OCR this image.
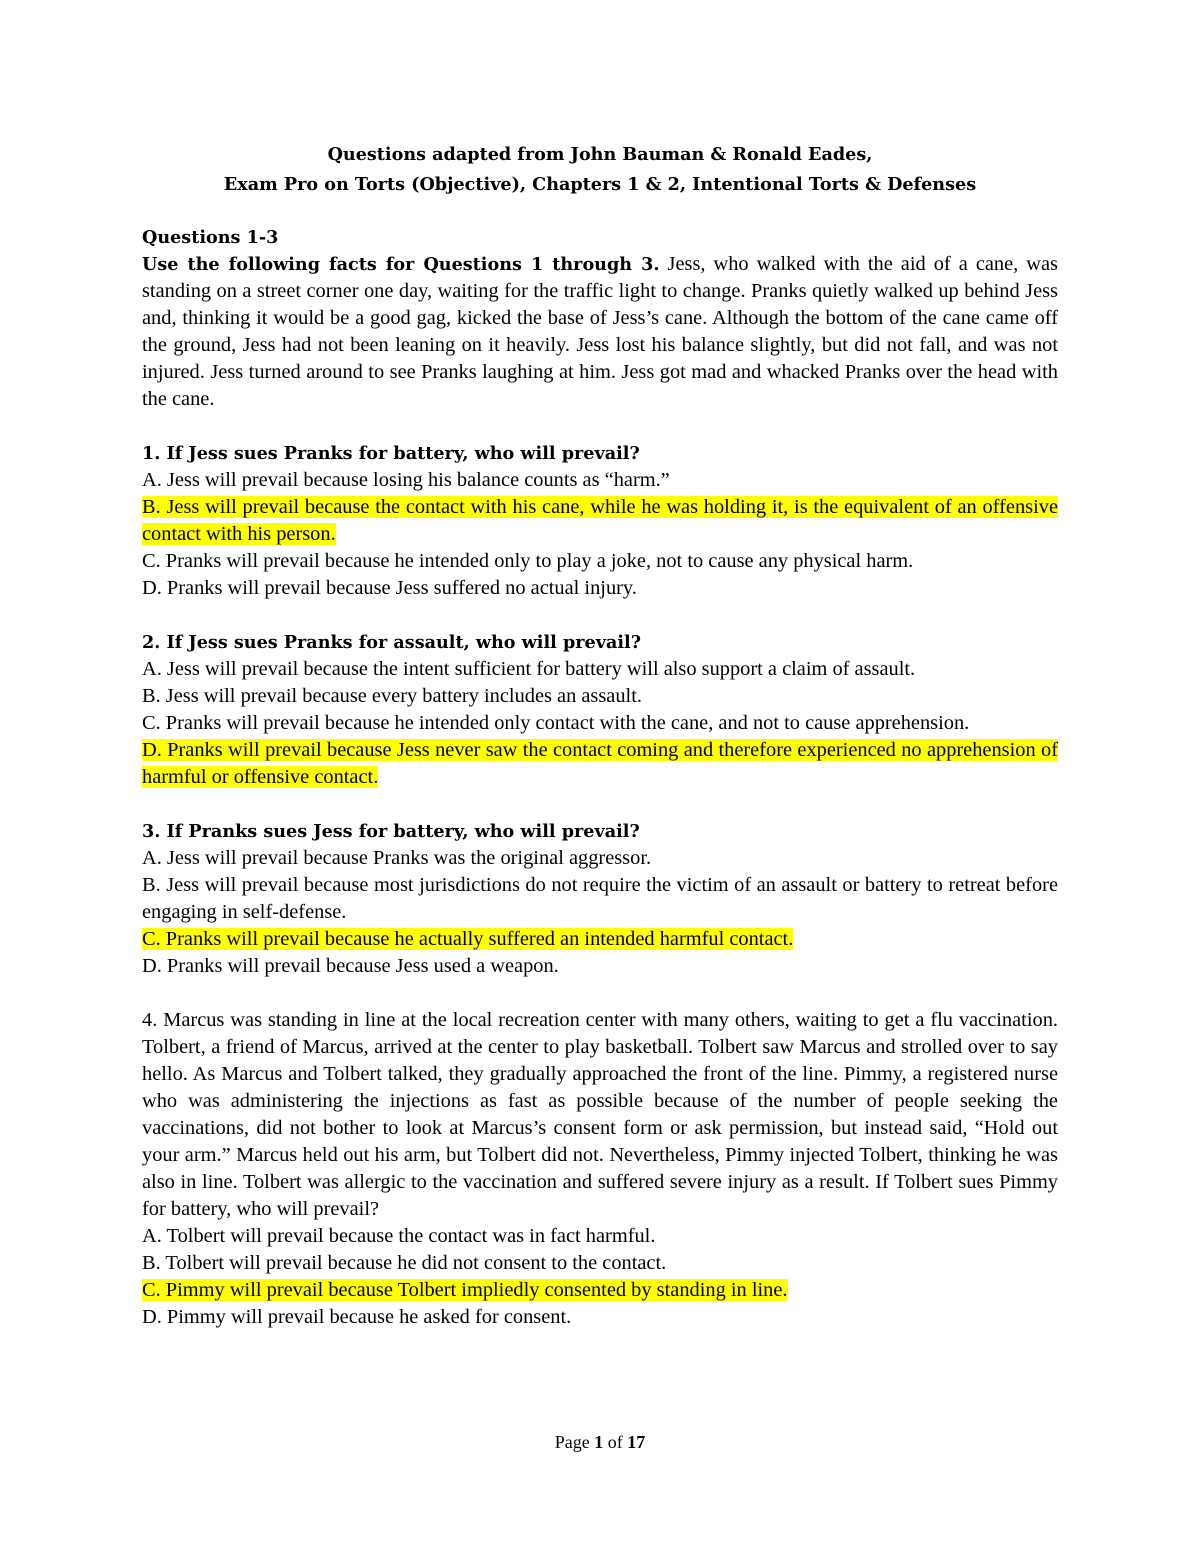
Questions adapted from John Bauman & Ronald Eades,

Exam Pro on Torts (Objective), Chapters 1 & 2, Intentional Torts & Defenses

Questions 1-3

Use the following facts for Questions 1 through 3. Jess, who walked with the aid of a cane, was standing on a street corner one day, waiting for the traffic light to change. Pranks quietly walked up behind Jess and, thinking it would be a good gag, kicked the base of Jess’s cane. Although the bottom of the cane came off the ground, Jess had not been leaning on it heavily. Jess lost his balance slightly, but did not fall, and was not injured. Jess turned around to see Pranks laughing at him. Jess got mad and whacked Pranks over the head with the cane.

1. If Jess sues Pranks for battery, who will prevail?

A. Jess will prevail because losing his balance counts as “harm.”

B. Jess will prevail because the contact with his cane, while he was holding it, is the equivalent of an offensive contact with his person.

C. Pranks will prevail because he intended only to play a joke, not to cause any physical harm.

D. Pranks will prevail because Jess suffered no actual injury.

2. If Jess sues Pranks for assault, who will prevail?

A. Jess will prevail because the intent sufficient for battery will also support a claim of assault.

B. Jess will prevail because every battery includes an assault.

C. Pranks will prevail because he intended only contact with the cane, and not to cause apprehension.

D. Pranks will prevail because Jess never saw the contact coming and therefore experienced no apprehension of harmful or offensive contact.

3. If Pranks sues Jess for battery, who will prevail?

A. Jess will prevail because Pranks was the original aggressor.

B. Jess will prevail because most jurisdictions do not require the victim of an assault or battery to retreat before engaging in self-defense.

C. Pranks will prevail because he actually suffered an intended harmful contact.

D. Pranks will prevail because Jess used a weapon.

4. Marcus was standing in line at the local recreation center with many others, waiting to get a flu vaccination. Tolbert, a friend of Marcus, arrived at the center to play basketball. Tolbert saw Marcus and strolled over to say hello. As Marcus and Tolbert talked, they gradually approached the front of the line. Pimmy, a registered nurse who was administering the injections as fast as possible because of the number of people seeking the vaccinations, did not bother to look at Marcus’s consent form or ask permission, but instead said, “Hold out your arm.” Marcus held out his arm, but Tolbert did not. Nevertheless, Pimmy injected Tolbert, thinking he was also in line. Tolbert was allergic to the vaccination and suffered severe injury as a result. If Tolbert sues Pimmy for battery, who will prevail?

A. Tolbert will prevail because the contact was in fact harmful.

B. Tolbert will prevail because he did not consent to the contact.

C. Pimmy will prevail because Tolbert impliedly consented by standing in line.

D. Pimmy will prevail because he asked for consent.

Page 1 of 17
